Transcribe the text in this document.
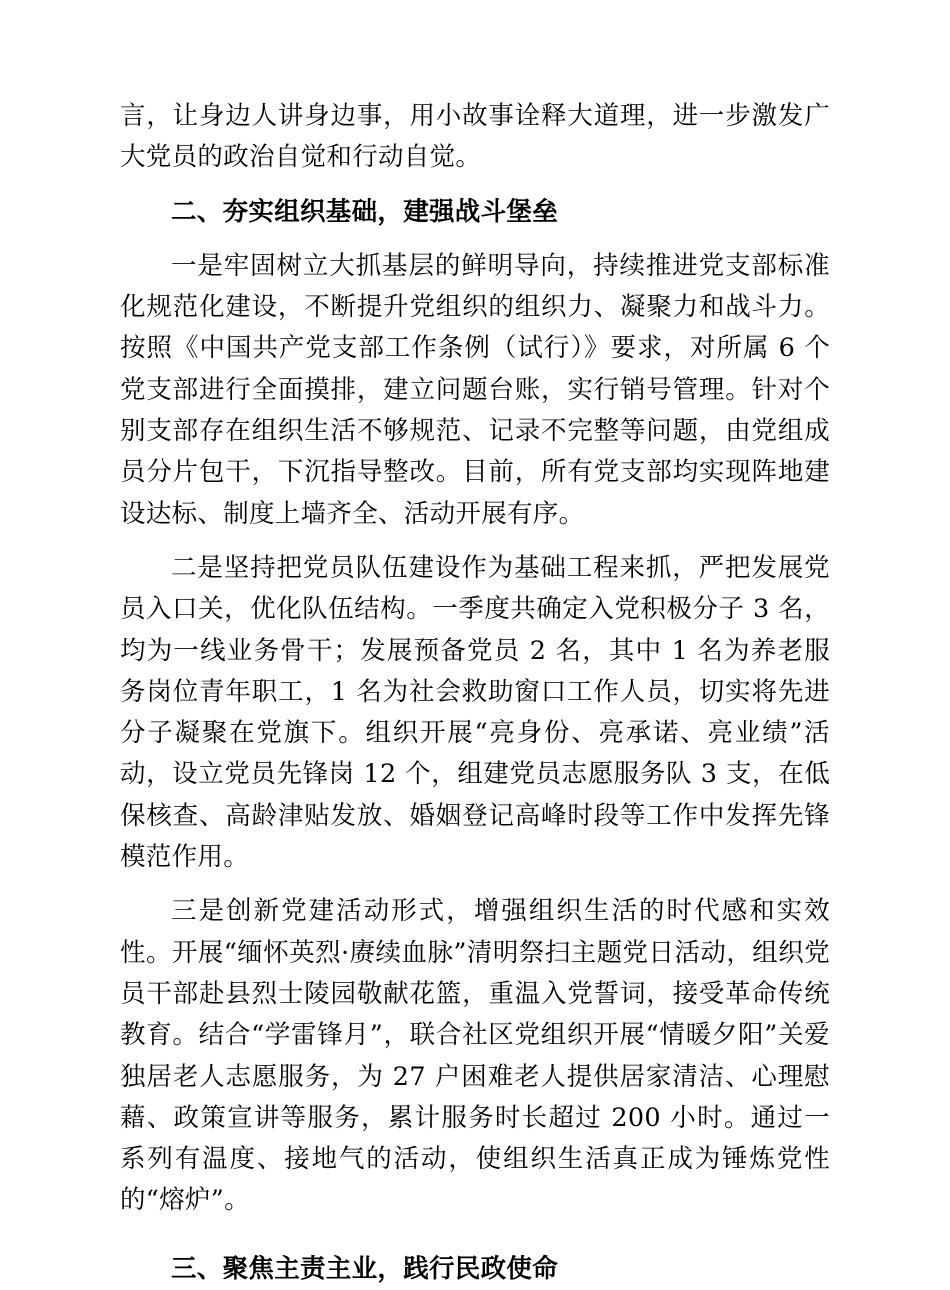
言，让身边人讲身边事，用小故事诠释大道理，进一步激发广大党员的政治自觉和行动自觉。

二、夯实组织基础，建强战斗堡垒

一是牢固树立大抓基层的鲜明导向，持续推进党支部标准化规范化建设，不断提升党组织的组织力、凝聚力和战斗力。按照《中国共产党支部工作条例（试行）》要求，对所属 6 个党支部进行全面摸排，建立问题台账，实行销号管理。针对个别支部存在组织生活不够规范、记录不完整等问题，由党组成员分片包干，下沉指导整改。目前，所有党支部均实现阵地建设达标、制度上墙齐全、活动开展有序。

二是坚持把党员队伍建设作为基础工程来抓，严把发展党员入口关，优化队伍结构。一季度共确定入党积极分子 3 名，均为一线业务骨干；发展预备党员 2 名，其中 1 名为养老服务岗位青年职工，1 名为社会救助窗口工作人员，切实将先进分子凝聚在党旗下。组织开展“亮身份、亮承诺、亮业绩”活动，设立党员先锋岗 12 个，组建党员志愿服务队 3 支，在低保核查、高龄津贴发放、婚姻登记高峰时段等工作中发挥先锋模范作用。

三是创新党建活动形式，增强组织生活的时代感和实效性。开展“缅怀英烈·赓续血脉”清明祭扫主题党日活动，组织党员干部赴县烈士陵园敬献花篮，重温入党誓词，接受革命传统教育。结合“学雷锋月”，联合社区党组织开展“情暖夕阳”关爱独居老人志愿服务，为 27 户困难老人提供居家清洁、心理慰藉、政策宣讲等服务，累计服务时长超过 200 小时。通过一系列有温度、接地气的活动，使组织生活真正成为锤炼党性的“熔炉”。

三、聚焦主责主业，践行民政使命
